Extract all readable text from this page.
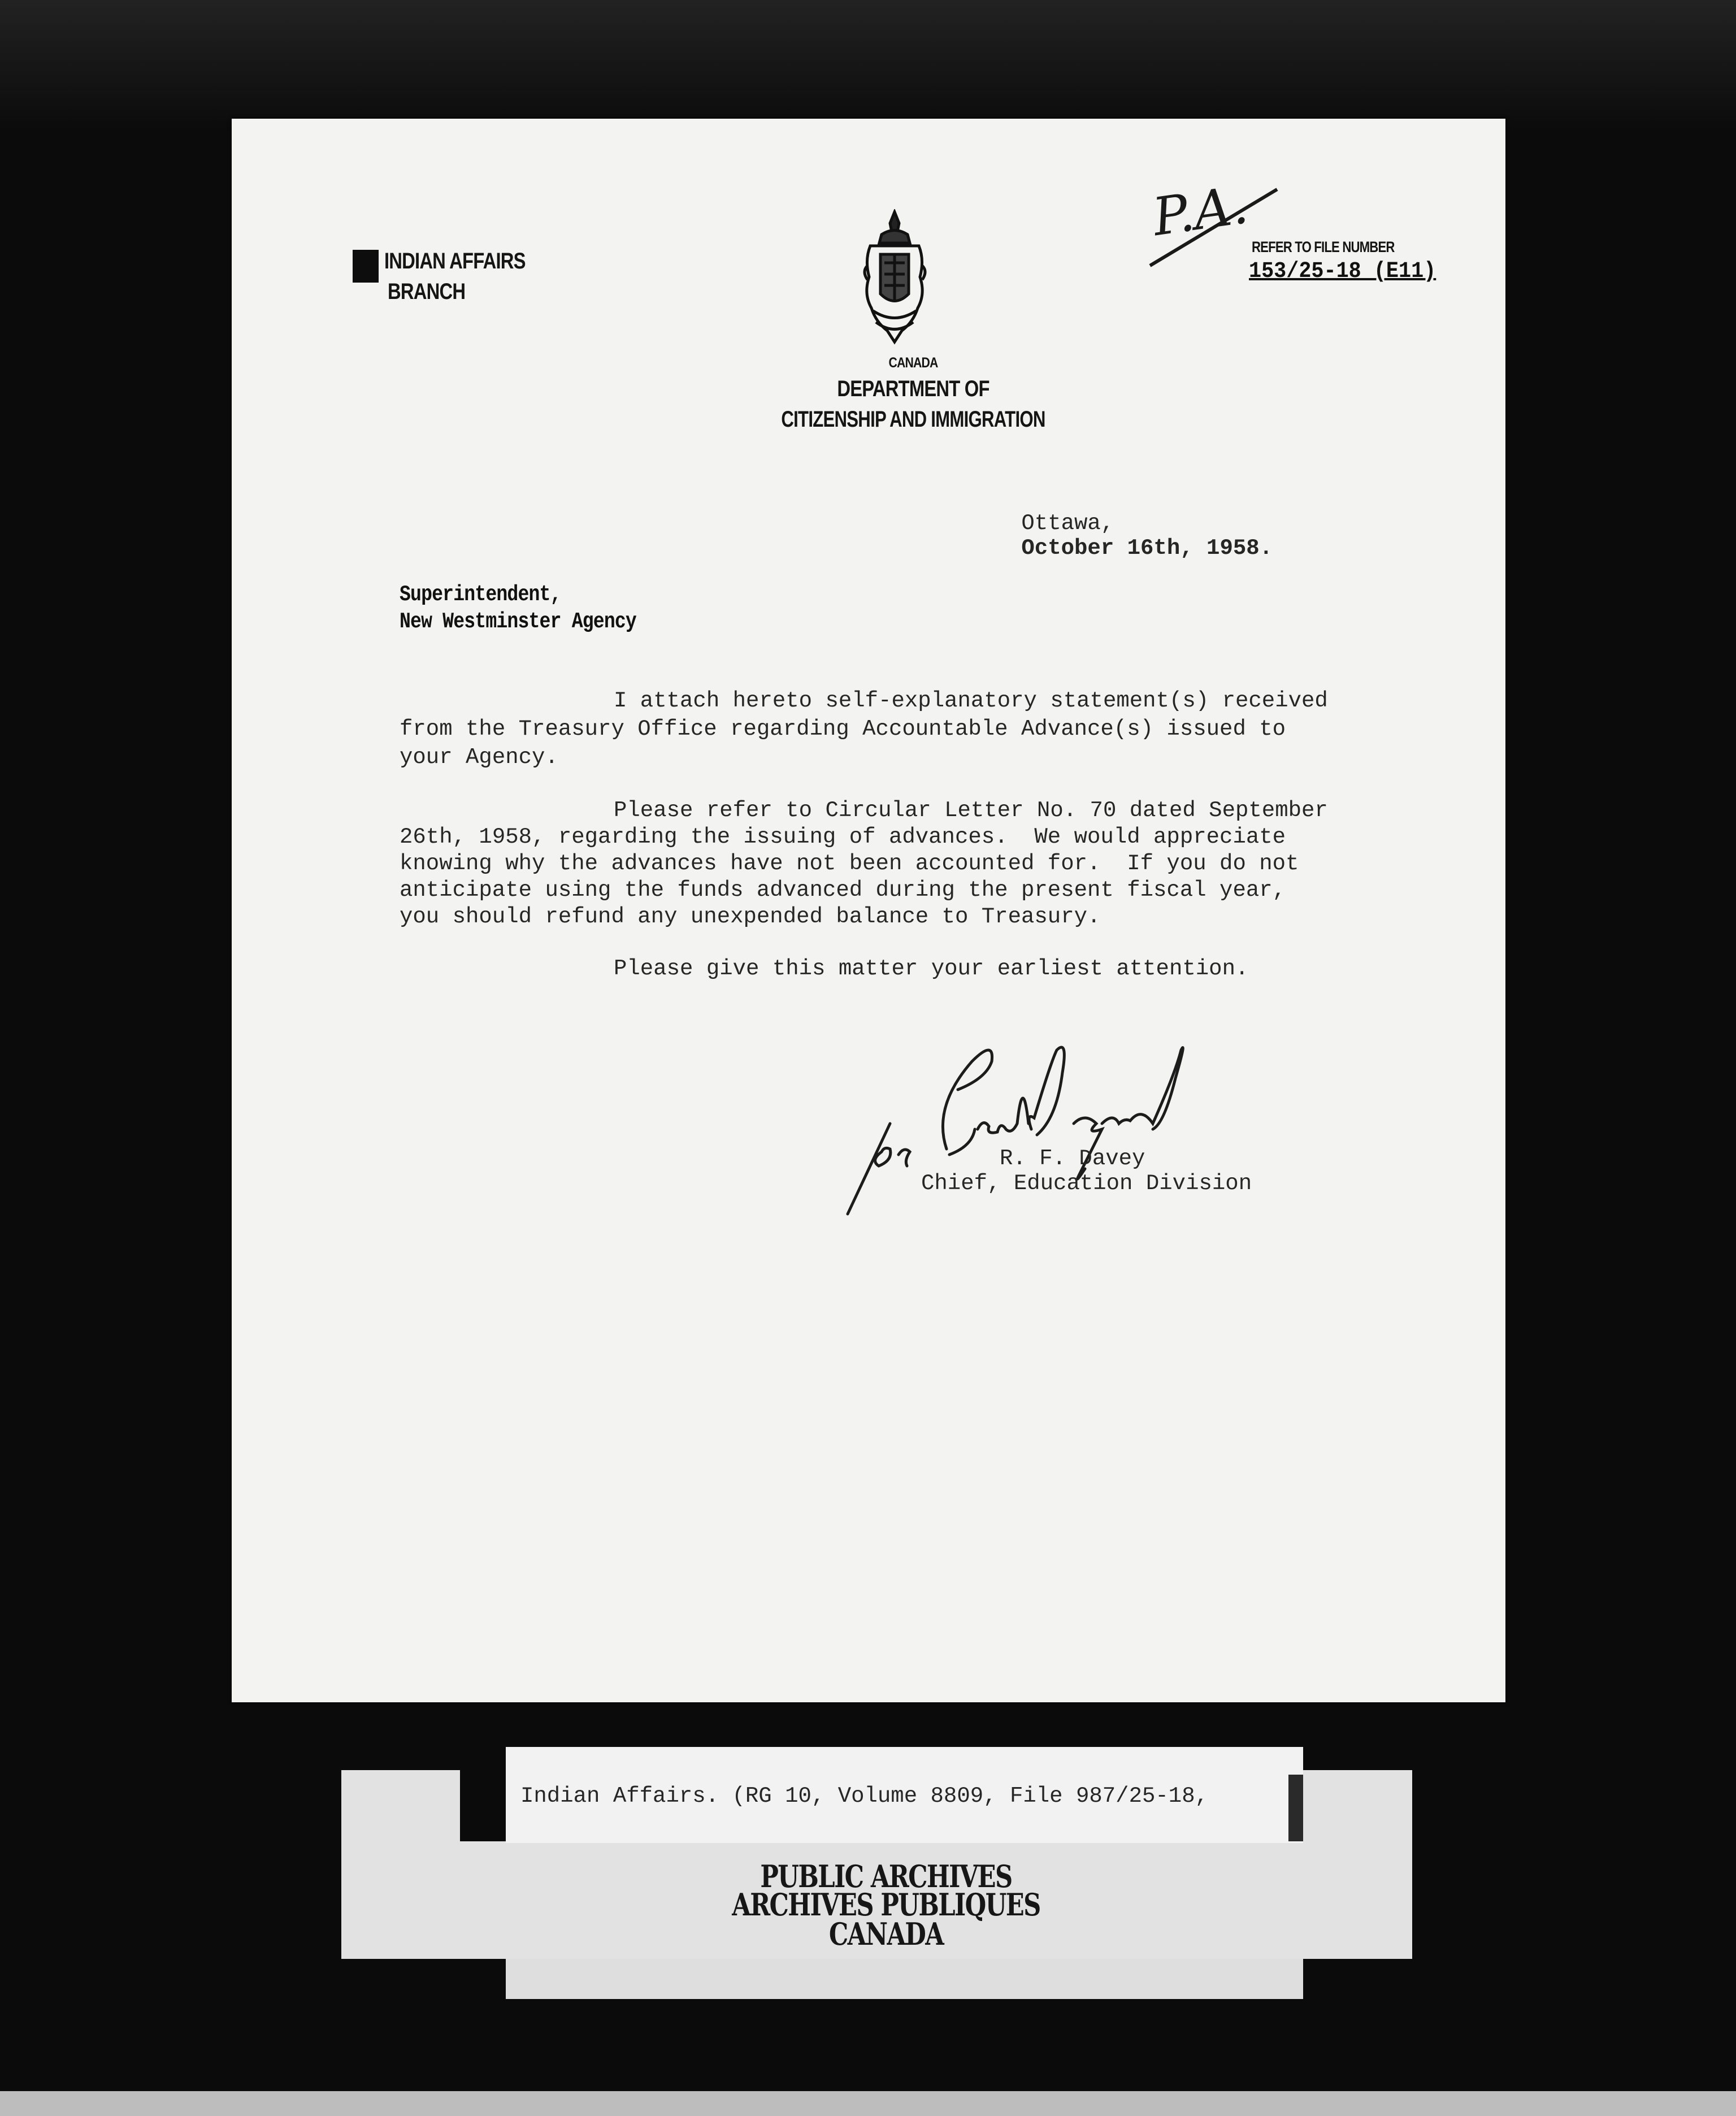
INDIAN AFFAIRS
BRANCH
CANADA
DEPARTMENT OF
CITIZENSHIP AND IMMIGRATION
P.A. REFER TO FILE NUMBER
153/25-18 (E11)

Ottawa,
October 16th, 1958.

Superintendent,
New Westminster Agency
I attach hereto self-explanatory statement(s) received
from the Treasury Office regarding Accountable Advance(s) issued to
your Agency.
Please refer to Circular Letter No. 70 dated September
26th, 1958, regarding the issuing of advances.  We would appreciate
knowing why the advances have not been accounted for.  If you do not
anticipate using the funds advanced during the present fiscal year,
you should refund any unexpended balance to Treasury.
Please give this matter your earliest attention.
R. F. Davey
Chief, Education Division
Indian Affairs. (RG 10, Volume 8809, File 987/25-18,
PUBLIC ARCHIVES
ARCHIVES PUBLIQUES
CANADA
